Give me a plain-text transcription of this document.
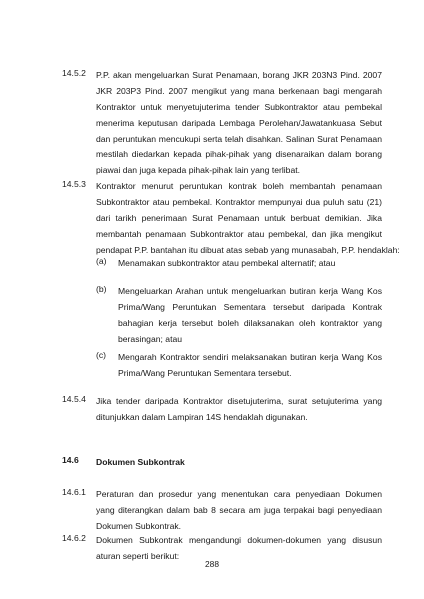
14.5.2 P.P. akan mengeluarkan Surat Penamaan, borang JKR 203N3 Pind. 2007
JKR 203P3 Pind. 2007 mengikut yang mana berkenaan bagi mengarah
Kontraktor untuk menyetujuterima tender Subkontraktor atau pembekal
menerima keputusan daripada Lembaga Perolehan/Jawatankuasa Sebut
dan peruntukan mencukupi serta telah disahkan. Salinan Surat Penamaan
mestilah diedarkan kepada pihak-pihak yang disenaraikan dalam borang
piawai dan juga kepada pihak-pihak lain yang terlibat.
14.5.3 Kontraktor menurut peruntukan kontrak boleh membantah penamaan
Subkontraktor atau pembekal. Kontraktor mempunyai dua puluh satu (21)
dari tarikh penerimaan Surat Penamaan untuk berbuat demikian. Jika
membantah penamaan Subkontraktor atau pembekal, dan jika mengikut
pendapat P.P. bantahan itu dibuat atas sebab yang munasabah, P.P. hendaklah:
(a) Menamakan subkontraktor atau pembekal alternatif; atau
(b) Mengeluarkan Arahan untuk mengeluarkan butiran kerja Wang Kos
Prima/Wang Peruntukan Sementara tersebut daripada Kontrak
bahagian kerja tersebut boleh dilaksanakan oleh kontraktor yang
berasingan; atau
(c) Mengarah Kontraktor sendiri melaksanakan butiran kerja Wang Kos
Prima/Wang Peruntukan Sementara tersebut.
14.5.4 Jika tender daripada Kontraktor disetujuterima, surat setujuterima yang
ditunjukkan dalam Lampiran 14S hendaklah digunakan.
14.6 Dokumen Subkontrak
14.6.1 Peraturan dan prosedur yang menentukan cara penyediaan Dokumen
yang diterangkan dalam bab 8 secara am juga terpakai bagi penyediaan
Dokumen Subkontrak.
14.6.2 Dokumen Subkontrak mengandungi dokumen-dokumen yang disusun
aturan seperti berikut:
288
